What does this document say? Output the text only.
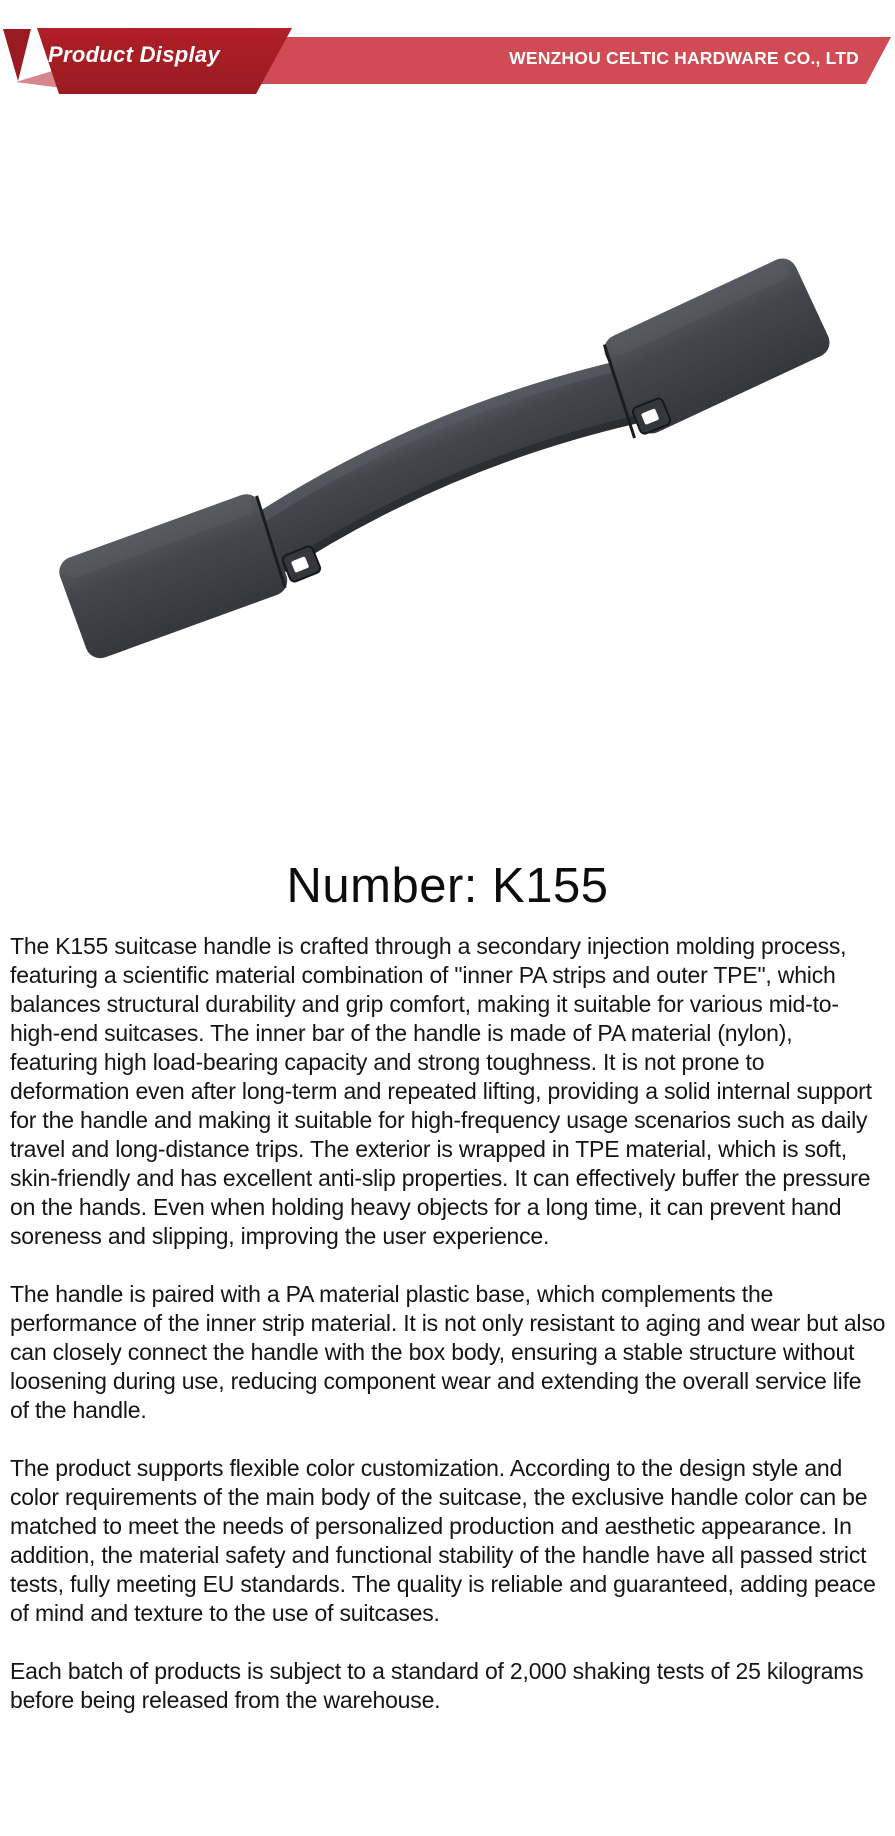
Product Display	WENZHOU CELTIC HARDWARE CO., LTD
Number: K155

The K155 suitcase handle is crafted through a secondary injection molding process, featuring a scientific material combination of "inner PA strips and outer TPE", which balances structural durability and grip comfort, making it suitable for various mid-to-high-end suitcases. The inner bar of the handle is made of PA material (nylon), featuring high load-bearing capacity and strong toughness. It is not prone to deformation even after long-term and repeated lifting, providing a solid internal support for the handle and making it suitable for high-frequency usage scenarios such as daily travel and long-distance trips. The exterior is wrapped in TPE material, which is soft, skin-friendly and has excellent anti-slip properties. It can effectively buffer the pressure on the hands. Even when holding heavy objects for a long time, it can prevent hand soreness and slipping, improving the user experience.

The handle is paired with a PA material plastic base, which complements the performance of the inner strip material. It is not only resistant to aging and wear but also can closely connect the handle with the box body, ensuring a stable structure without loosening during use, reducing component wear and extending the overall service life of the handle.

The product supports flexible color customization. According to the design style and color requirements of the main body of the suitcase, the exclusive handle color can be matched to meet the needs of personalized production and aesthetic appearance. In addition, the material safety and functional stability of the handle have all passed strict tests, fully meeting EU standards. The quality is reliable and guaranteed, adding peace of mind and texture to the use of suitcases.

Each batch of products is subject to a standard of 2,000 shaking tests of 25 kilograms before being released from the warehouse.
